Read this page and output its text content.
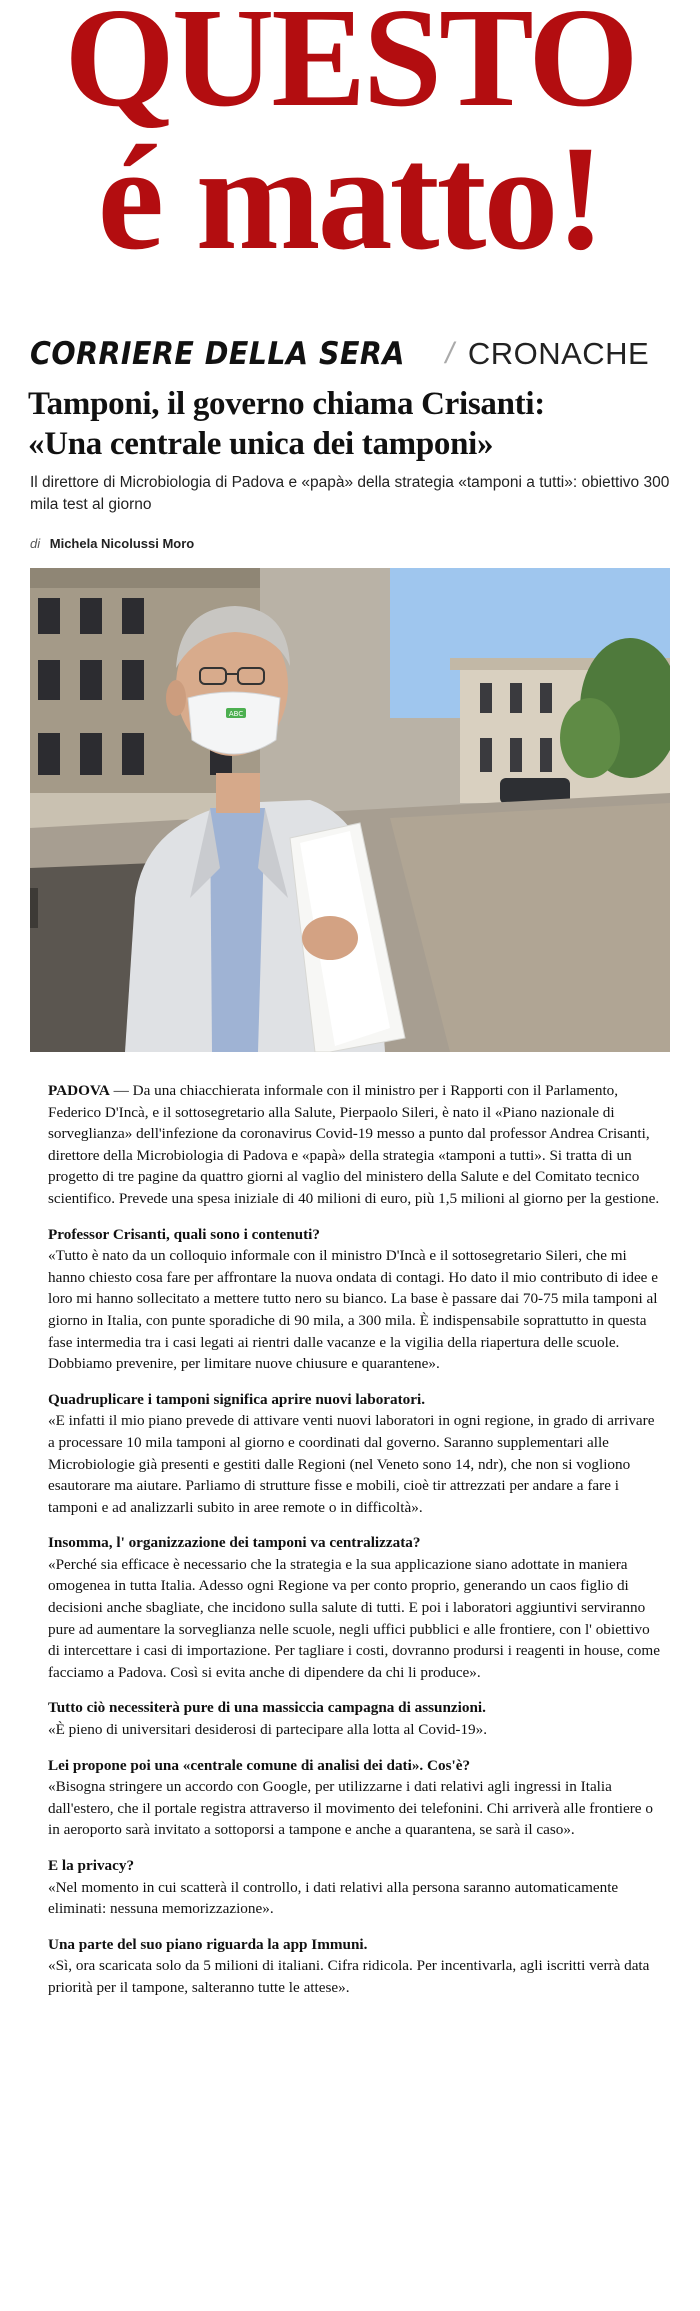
QUESTO
é matto!
CORRIERE DELLA SERA / CRONACHE
Tamponi, il governo chiama Crisanti:
«Una centrale unica dei tamponi»
Il direttore di Microbiologia di Padova e «papà» della strategia «tamponi a tutti»: obiettivo 300 mila test al giorno
di Michela Nicolussi Moro
ABC

PADOVA — Da una chiacchierata informale con il ministro per i Rapporti con il Parlamento, Federico D'Incà, e il sottosegretario alla Salute, Pierpaolo Sileri, è nato il «Piano nazionale di sorveglianza» dell'infezione da coronavirus Covid-19 messo a punto dal professor Andrea Crisanti, direttore della Microbiologia di Padova e «papà» della strategia «tamponi a tutti». Si tratta di un progetto di tre pagine da quattro giorni al vaglio del ministero della Salute e del Comitato tecnico scientifico. Prevede una spesa iniziale di 40 milioni di euro, più 1,5 milioni al giorno per la gestione.

Professor Crisanti, quali sono i contenuti?
«Tutto è nato da un colloquio informale con il ministro D'Incà e il sottosegretario Sileri, che mi hanno chiesto cosa fare per affrontare la nuova ondata di contagi. Ho dato il mio contributo di idee e loro mi hanno sollecitato a mettere tutto nero su bianco. La base è passare dai 70-75 mila tamponi al giorno in Italia, con punte sporadiche di 90 mila, a 300 mila. È indispensabile soprattutto in questa fase intermedia tra i casi legati ai rientri dalle vacanze e la vigilia della riapertura delle scuole. Dobbiamo prevenire, per limitare nuove chiusure e quarantene».

Quadruplicare i tamponi significa aprire nuovi laboratori.
«E infatti il mio piano prevede di attivare venti nuovi laboratori in ogni regione, in grado di arrivare a processare 10 mila tamponi al giorno e coordinati dal governo. Saranno supplementari alle Microbiologie già presenti e gestiti dalle Regioni (nel Veneto sono 14, ndr), che non si vogliono esautorare ma aiutare. Parliamo di strutture fisse e mobili, cioè tir attrezzati per andare a fare i tamponi e ad analizzarli subito in aree remote o in difficoltà».

Insomma, l' organizzazione dei tamponi va centralizzata?
«Perché sia efficace è necessario che la strategia e la sua applicazione siano adottate in maniera omogenea in tutta Italia. Adesso ogni Regione va per conto proprio, generando un caos figlio di decisioni anche sbagliate, che incidono sulla salute di tutti. E poi i laboratori aggiuntivi serviranno pure ad aumentare la sorveglianza nelle scuole, negli uffici pubblici e alle frontiere, con l' obiettivo di intercettare i casi di importazione. Per tagliare i costi, dovranno prodursi i reagenti in house, come facciamo a Padova. Così si evita anche di dipendere da chi li produce».

Tutto ciò necessiterà pure di una massiccia campagna di assunzioni.
«È pieno di universitari desiderosi di partecipare alla lotta al Covid-19».

Lei propone poi una «centrale comune di analisi dei dati». Cos'è?
«Bisogna stringere un accordo con Google, per utilizzarne i dati relativi agli ingressi in Italia dall'estero, che il portale registra attraverso il movimento dei telefonini. Chi arriverà alle frontiere o in aeroporto sarà invitato a sottoporsi a tampone e anche a quarantena, se sarà il caso».

E la privacy?
«Nel momento in cui scatterà il controllo, i dati relativi alla persona saranno automaticamente eliminati: nessuna memorizzazione».

Una parte del suo piano riguarda la app Immuni.
«Sì, ora scaricata solo da 5 milioni di italiani. Cifra ridicola. Per incentivarla, agli iscritti verrà data priorità per il tampone, salteranno tutte le attese».
